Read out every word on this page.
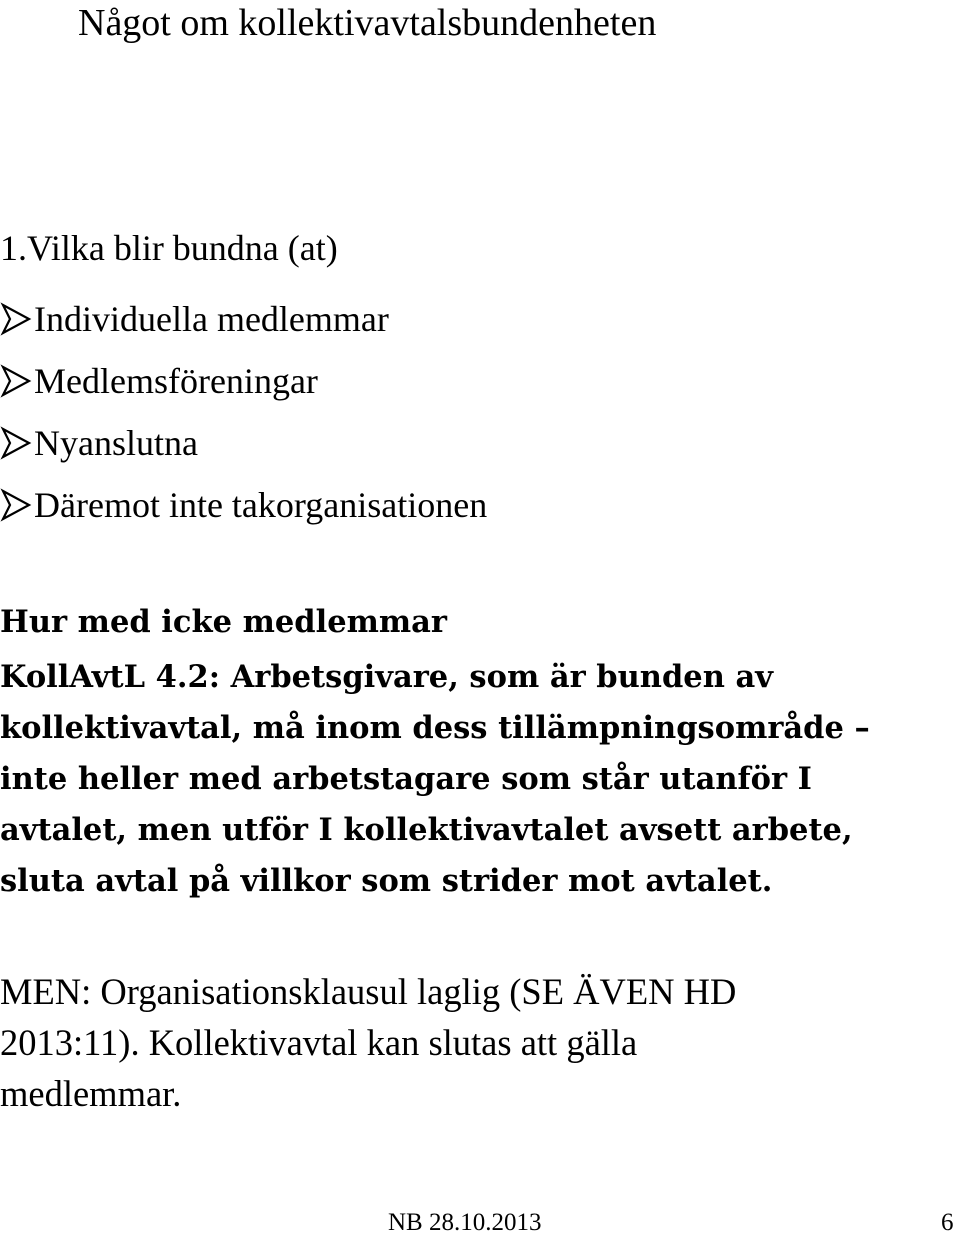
Något om kollektivavtalsbundenheten
1.Vilka blir bundna (at)
Individuella medlemmar
Medlemsföreningar
Nyanslutna
Däremot inte takorganisationen
Hur med icke medlemmar
KollAvtL 4.2: Arbetsgivare, som är bunden av
kollektivavtal, må inom dess tillämpningsområde –
inte heller med arbetstagare som står utanför I
avtalet, men utför I kollektivavtalet avsett arbete,
sluta avtal på villkor som strider mot avtalet.
MEN: Organisationsklausul laglig (SE ÄVEN HD
2013:11). Kollektivavtal kan slutas att gälla
medlemmar.
NB 28.10.2013	6
